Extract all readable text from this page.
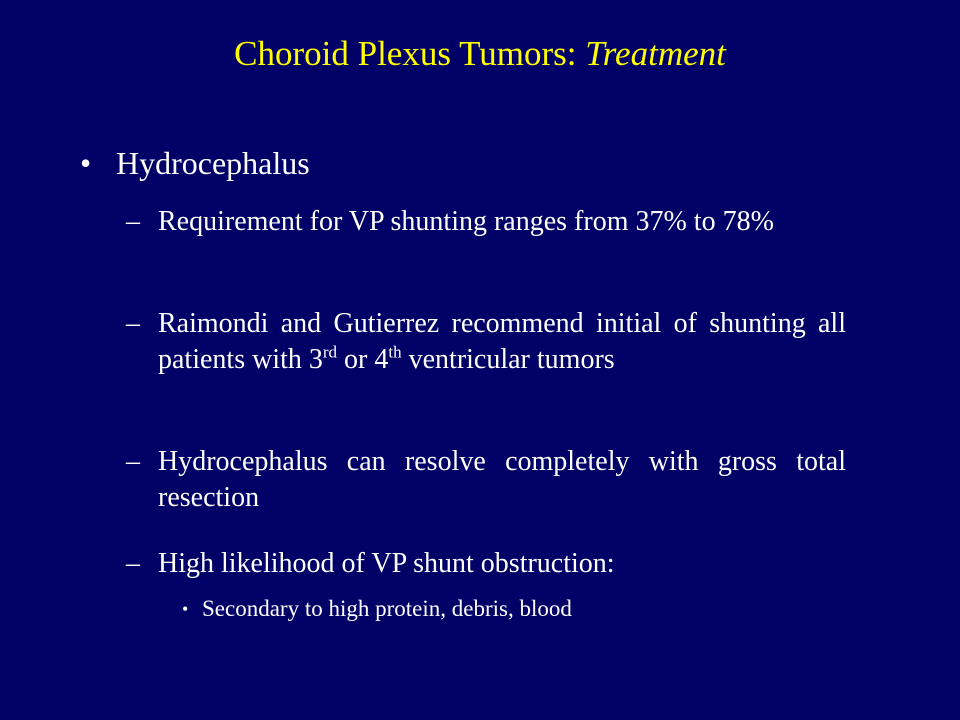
Choroid Plexus Tumors: Treatment
• Hydrocephalus
– Requirement for VP shunting ranges from 37% to 78%
– Raimondi and Gutierrez recommend initial of shunting all patients with 3rd or 4th ventricular tumors
– Hydrocephalus can resolve completely with gross total resection
– High likelihood of VP shunt obstruction:
• Secondary to high protein, debris, blood
